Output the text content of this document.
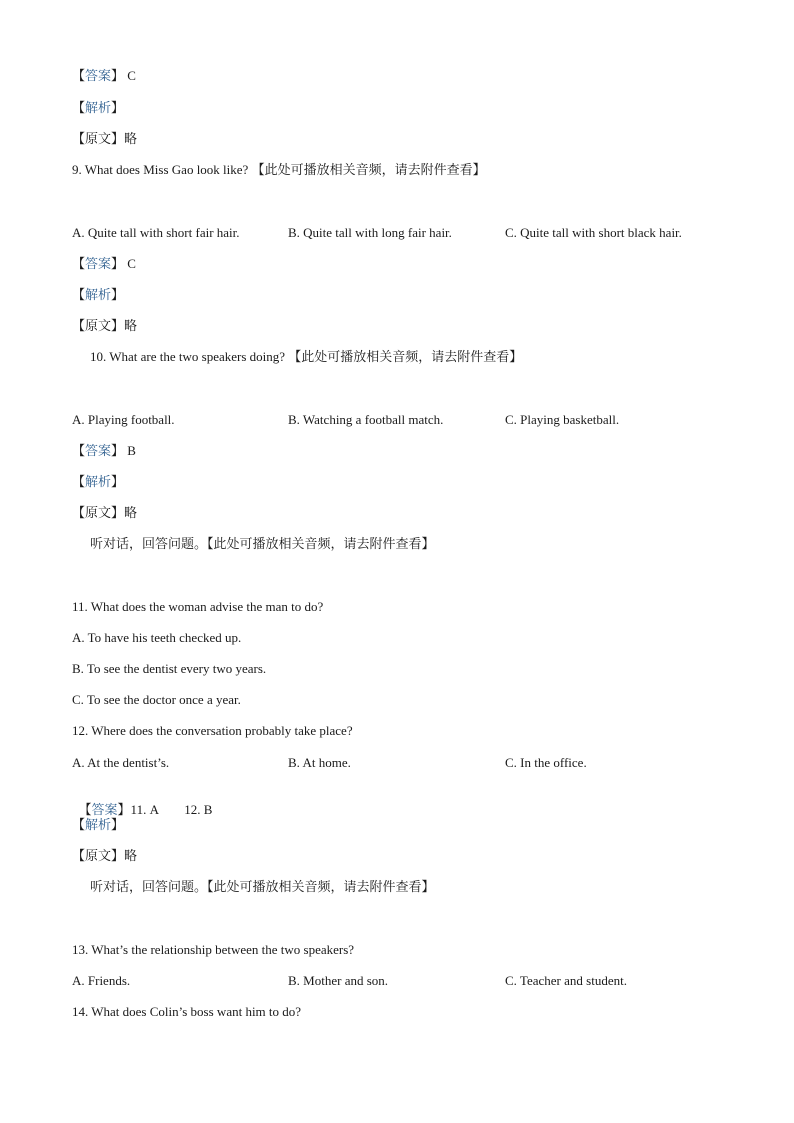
【答案】 C
【解析】
【原文】略
9. What does Miss Gao look like? 【此处可播放相关音频，请去附件查看】
A. Quite tall with short fair hair.	B. Quite tall with long fair hair.	C. Quite tall with short black hair.
【答案】 C
【解析】
【原文】略
10. What are the two speakers doing? 【此处可播放相关音频，请去附件查看】
A. Playing football.	B. Watching a football match.	C. Playing basketball.
【答案】 B
【解析】
【原文】略
听对话，回答问题。【此处可播放相关音频，请去附件查看】
11. What does the woman advise the man to do?
A. To have his teeth checked up.
B. To see the dentist every two years.
C. To see the doctor once a year.
12. Where does the conversation probably take place?
A. At the dentist’s.	B. At home.	C. In the office.

【答案】11. A        12. B

【解析】
【原文】略
听对话，回答问题。【此处可播放相关音频，请去附件查看】
13. What’s the relationship between the two speakers?
A. Friends.	B. Mother and son.	C. Teacher and student.
14. What does Colin’s boss want him to do?
